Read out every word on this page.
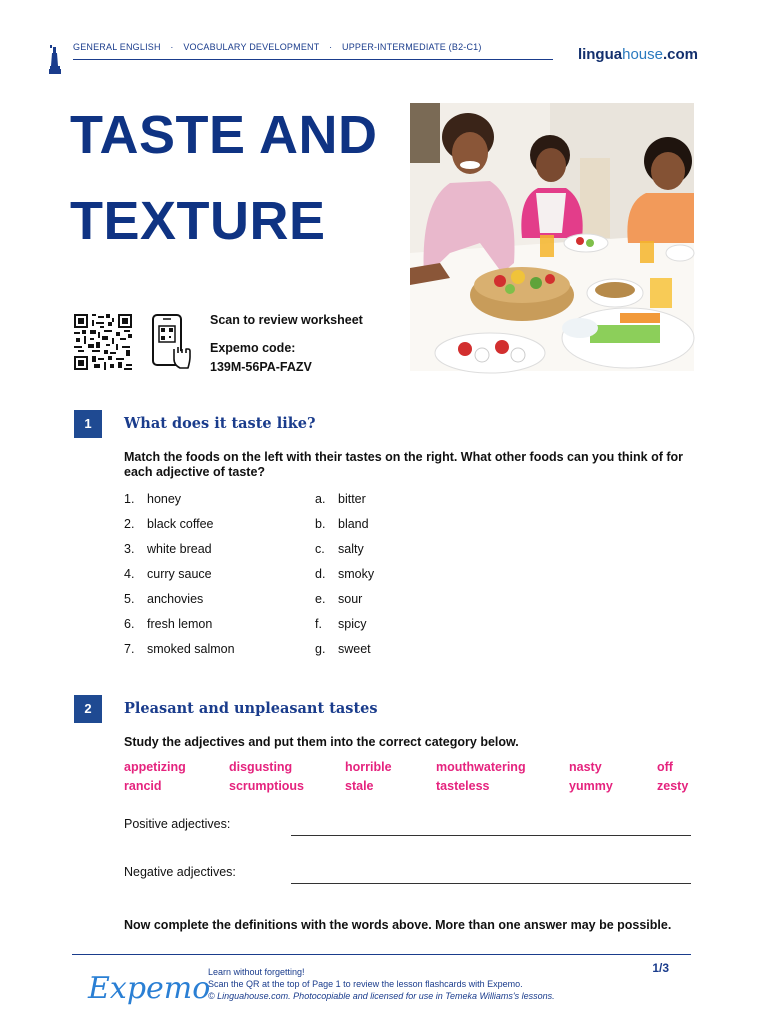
GENERAL ENGLISH · VOCABULARY DEVELOPMENT · UPPER-INTERMEDIATE (B2-C1)	linguahouse.com
TASTE AND
TEXTURE
Scan to review worksheet
Expemo code:
139M-56PA-FAZV
1	What does it taste like?
Match the foods on the left with their tastes on the right. What other foods can you think of for each adjective of taste?
1. honey	a. bitter
2. black coffee	b. bland
3. white bread	c. salty
4. curry sauce	d. smoky
5. anchovies	e. sour
6. fresh lemon	f. spicy
7. smoked salmon	g. sweet
2	Pleasant and unpleasant tastes
Study the adjectives and put them into the correct category below.
appetizing	disgusting	horrible	mouthwatering	nasty	off
rancid	scrumptious	stale	tasteless	yummy	zesty
Positive adjectives:
Negative adjectives:
Now complete the definitions with the words above. More than one answer may be possible.
Expemo
Learn without forgetting!
Scan the QR at the top of Page 1 to review the lesson flashcards with Expemo.
© Linguahouse.com. Photocopiable and licensed for use in Temeka Williams's lessons.
1/3
